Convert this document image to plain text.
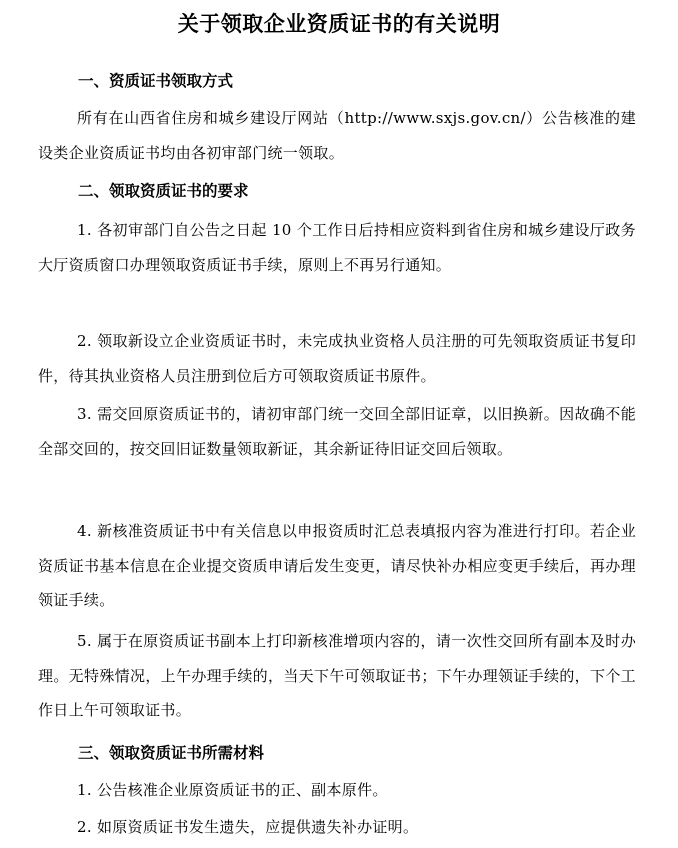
关于领取企业资质证书的有关说明
一、资质证书领取方式
所有在山西省住房和城乡建设厅网站（http://www.sxjs.gov.cn/）公告核准的建设类企业资质证书均由各初审部门统一领取。
二、领取资质证书的要求
1. 各初审部门自公告之日起 10 个工作日后持相应资料到省住房和城乡建设厅政务大厅资质窗口办理领取资质证书手续，原则上不再另行通知。
2. 领取新设立企业资质证书时，未完成执业资格人员注册的可先领取资质证书复印件，待其执业资格人员注册到位后方可领取资质证书原件。
3. 需交回原资质证书的，请初审部门统一交回全部旧证章，以旧换新。因故确不能全部交回的，按交回旧证数量领取新证，其余新证待旧证交回后领取。
4. 新核准资质证书中有关信息以申报资质时汇总表填报内容为准进行打印。若企业资质证书基本信息在企业提交资质申请后发生变更，请尽快补办相应变更手续后，再办理领证手续。
5. 属于在原资质证书副本上打印新核准增项内容的，请一次性交回所有副本及时办理。无特殊情况，上午办理手续的，当天下午可领取证书；下午办理领证手续的，下个工作日上午可领取证书。
三、领取资质证书所需材料
1. 公告核准企业原资质证书的正、副本原件。
2. 如原资质证书发生遗失，应提供遗失补办证明。
